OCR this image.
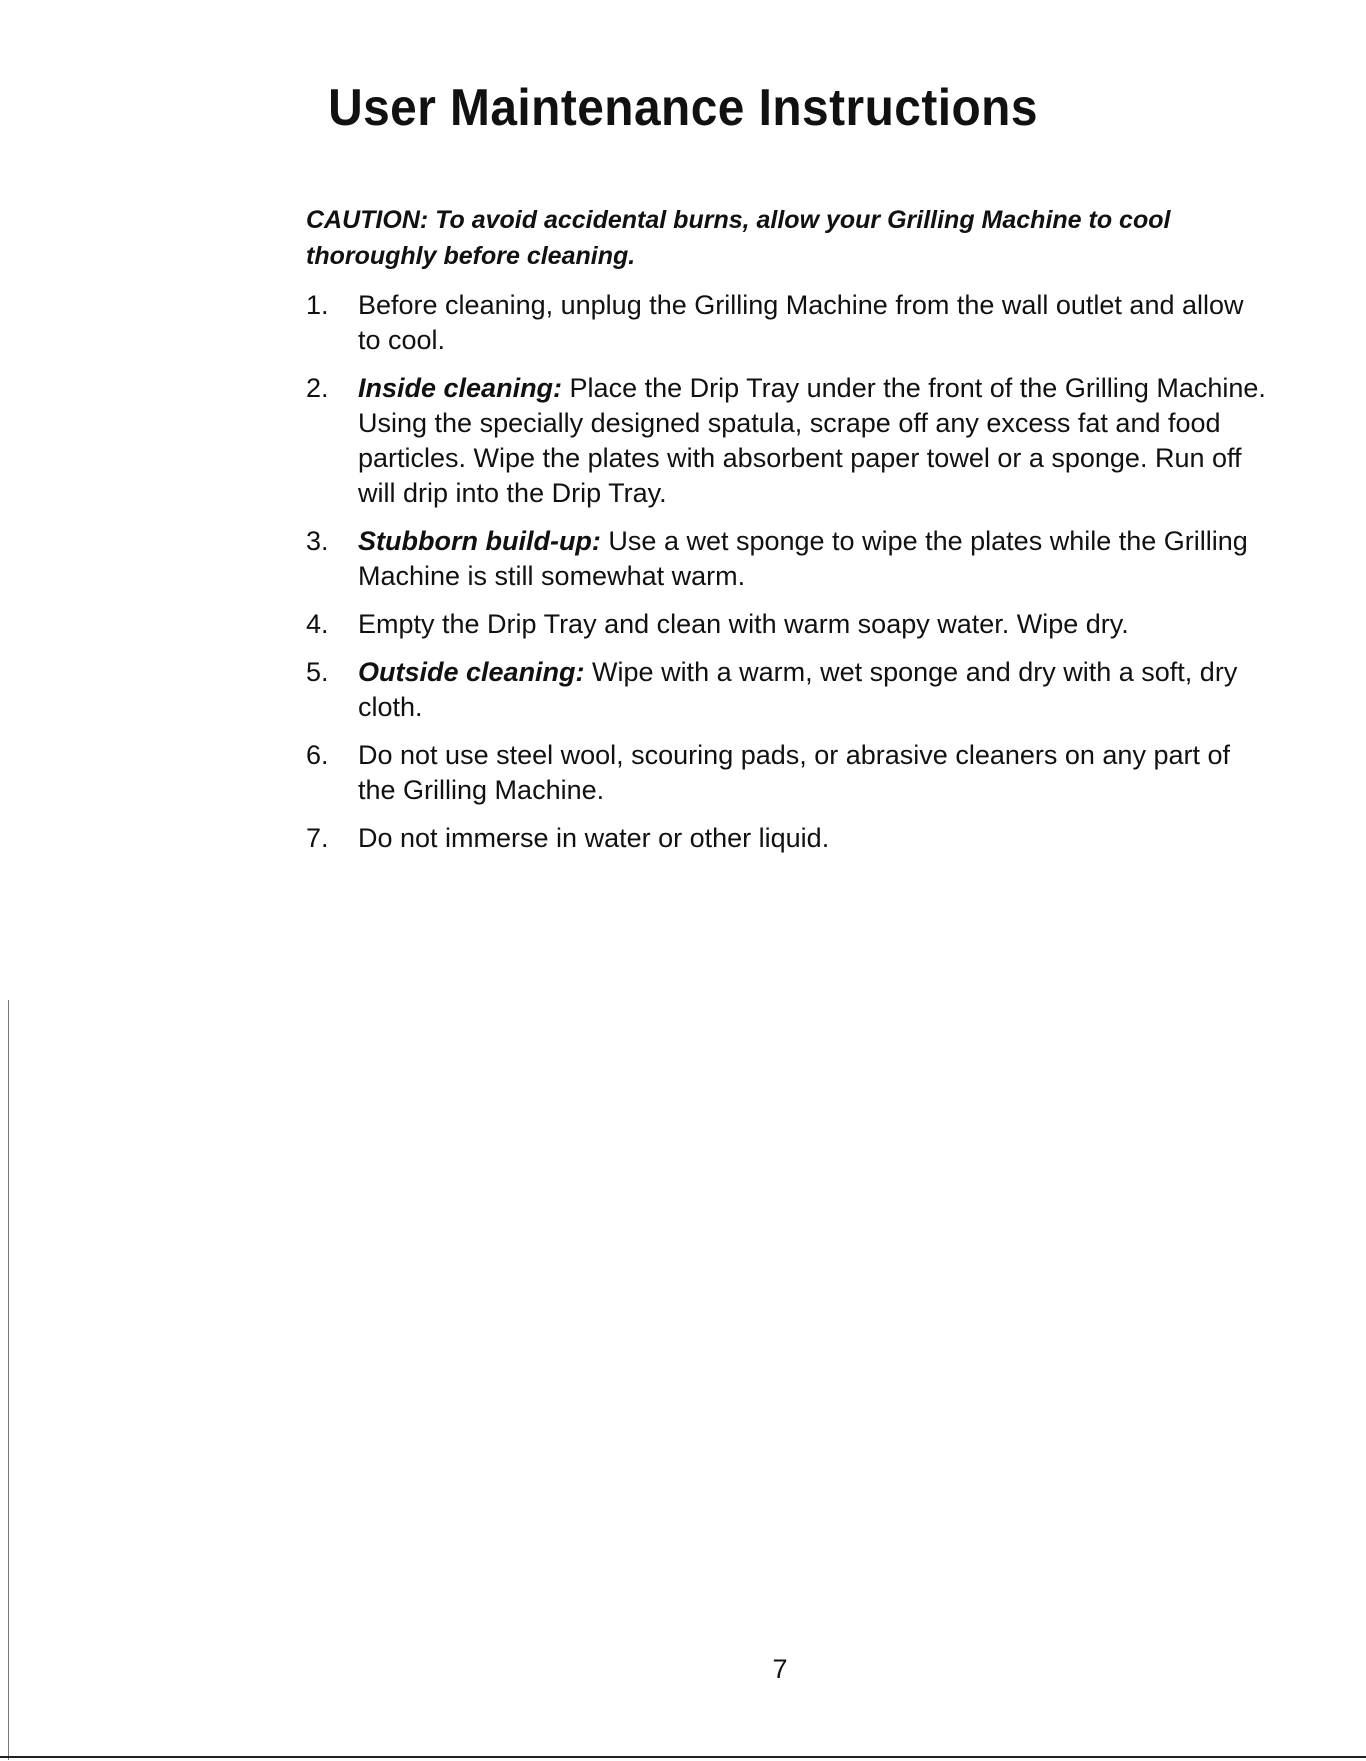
User Maintenance Instructions

CAUTION: To avoid accidental burns, allow your Grilling Machine to cool thoroughly before cleaning.

1. Before cleaning, unplug the Grilling Machine from the wall outlet and allow to cool.
2. Inside cleaning: Place the Drip Tray under the front of the Grilling Machine. Using the specially designed spatula, scrape off any excess fat and food particles. Wipe the plates with absorbent paper towel or a sponge. Run off will drip into the Drip Tray.
3. Stubborn build-up: Use a wet sponge to wipe the plates while the Grilling Machine is still somewhat warm.
4. Empty the Drip Tray and clean with warm soapy water. Wipe dry.
5. Outside cleaning: Wipe with a warm, wet sponge and dry with a soft, dry cloth.
6. Do not use steel wool, scouring pads, or abrasive cleaners on any part of the Grilling Machine.
7. Do not immerse in water or other liquid.

7
